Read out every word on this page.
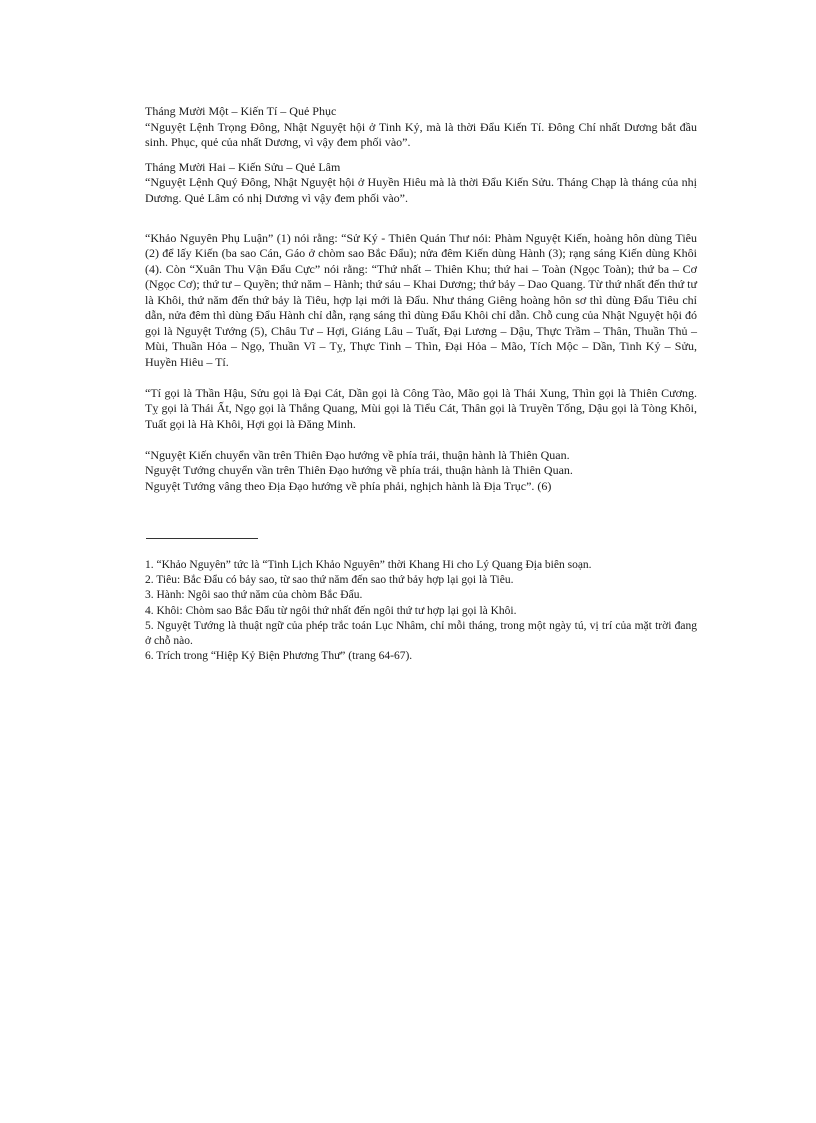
Tháng Mười Một – Kiến Tí – Quẻ Phục

“Nguyệt Lệnh Trọng Đông, Nhật Nguyệt hội ở Tinh Kỷ, mà là thời Đẩu Kiến Tí. Đông Chí nhất Dương bắt đầu sinh. Phục, quẻ của nhất Dương, vì vậy đem phối vào”.

Tháng Mười Hai – Kiến Sửu – Quẻ Lâm

“Nguyệt Lệnh Quý Đông, Nhật Nguyệt hội ở Huyền Hiêu mà là thời Đẩu Kiến Sửu. Tháng Chạp là tháng của nhị Dương. Quẻ Lâm có nhị Dương vì vậy đem phối vào”.

“Khảo Nguyên Phụ Luận” (1) nói rằng: “Sử Ký - Thiên Quán Thư nói: Phàm Nguyệt Kiến, hoàng hôn dùng Tiêu (2) để lấy Kiến (ba sao Cán, Gáo ở chòm sao Bắc Đẩu); nửa đêm Kiến dùng Hành (3); rạng sáng Kiến dùng Khôi (4). Còn “Xuân Thu Vận Đẩu Cực” nói rằng: “Thứ nhất – Thiên Khu; thứ hai – Toàn (Ngọc Toàn); thứ ba – Cơ (Ngọc Cơ); thứ tư – Quyền; thứ năm – Hành; thứ sáu – Khai Dương; thứ bảy – Dao Quang. Từ thứ nhất đến thứ tư là Khôi, thứ năm đến thứ bảy là Tiêu, hợp lại mới là Đẩu. Như tháng Giêng hoàng hôn sơ thì dùng Đẩu Tiêu chỉ dẫn, nửa đêm thì dùng Đẩu Hành chỉ dẫn, rạng sáng thì dùng Đẩu Khôi chỉ dẫn. Chỗ cung của Nhật Nguyệt hội đó gọi là Nguyệt Tướng (5), Châu Tư – Hợi, Giáng Lâu – Tuất, Đại Lương – Dậu, Thực Trầm – Thân, Thuần Thủ – Mùi, Thuần Hỏa – Ngọ, Thuần Vĩ – Tỵ, Thực Tinh – Thìn, Đại Hỏa – Mão, Tích Mộc – Dần, Tinh Kỷ – Sửu, Huyền Hiêu – Tí.

“Tí gọi là Thần Hậu, Sửu gọi là Đại Cát, Dần gọi là Công Tào, Mão gọi là Thái Xung, Thìn gọi là Thiên Cương. Tỵ gọi là Thái Ất, Ngọ gọi là Thắng Quang, Mùi gọi là Tiểu Cát, Thân gọi là Truyền Tống, Dậu gọi là Tòng Khôi, Tuất gọi là Hà Khôi, Hợi gọi là Đăng Minh.

“Nguyệt Kiến chuyển vần trên Thiên Đạo hướng về phía trái, thuận hành là Thiên Quan.

Nguyệt Tướng chuyển vần trên Thiên Đạo hướng về phía trái, thuận hành là Thiên Quan.

Nguyệt Tướng vâng theo Địa Đạo hướng về phía phải, nghịch hành là Địa Trục”. (6)

1. “Khảo Nguyên” tức là “Tinh Lịch Khảo Nguyên” thời Khang Hi cho Lý Quang Địa biên soạn.

2. Tiêu: Bắc Đẩu có bảy sao, từ sao thứ năm đến sao thứ bảy hợp lại gọi là Tiêu.

3. Hành: Ngôi sao thứ năm của chòm Bắc Đẩu.

4. Khôi: Chòm sao Bắc Đẩu từ ngôi thứ nhất đến ngôi thứ tư hợp lại gọi là Khôi.

5. Nguyệt Tướng là thuật ngữ của phép trắc toán Lục Nhâm, chỉ mỗi tháng, trong một ngày tú, vị trí của mặt trời đang ở chỗ nào.

6. Trích trong “Hiệp Kỷ Biện Phương Thư” (trang 64-67).
